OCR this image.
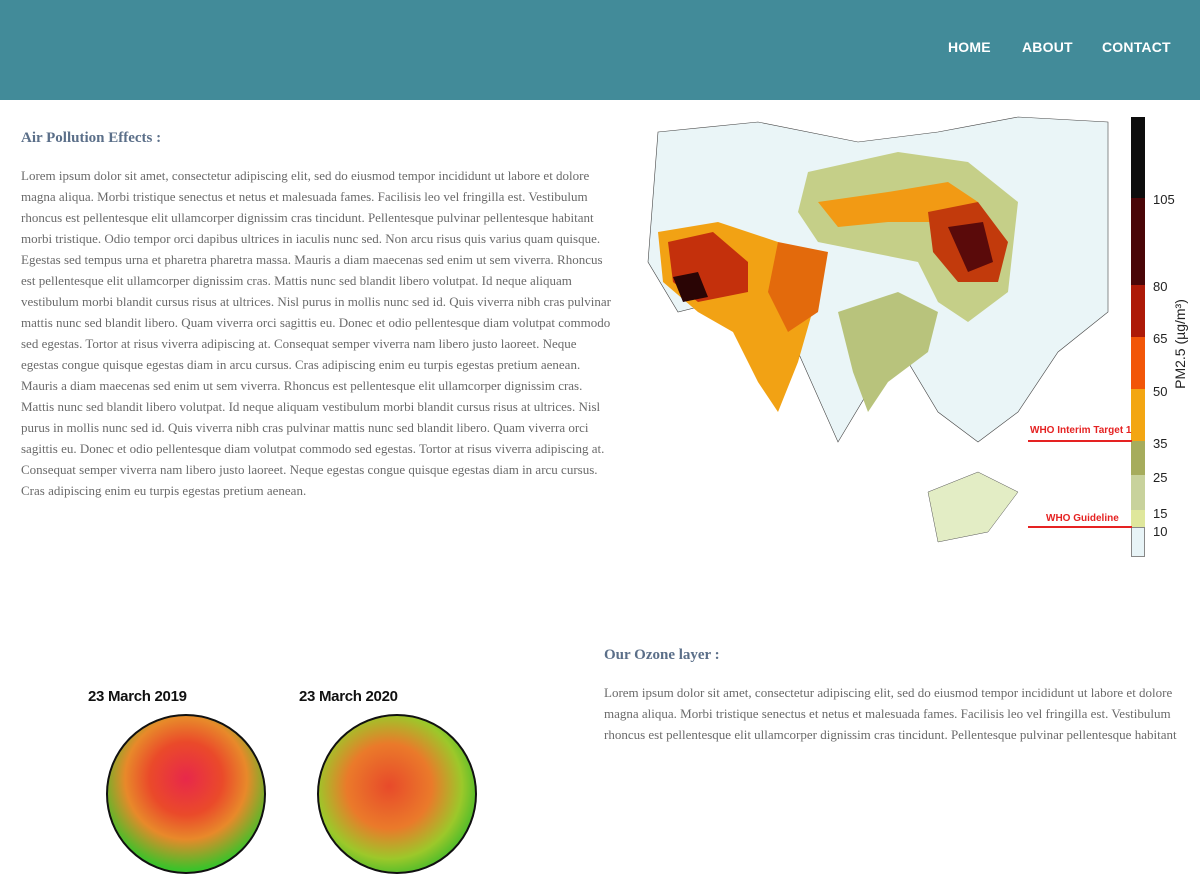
HOME ABOUT CONTACT
Air Pollution Effects :

Lorem ipsum dolor sit amet, consectetur adipiscing elit, sed do eiusmod tempor incididunt ut labore et dolore magna aliqua. Morbi tristique senectus et netus et malesuada fames. Facilisis leo vel fringilla est. Vestibulum rhoncus est pellentesque elit ullamcorper dignissim cras tincidunt. Pellentesque pulvinar pellentesque habitant morbi tristique. Odio tempor orci dapibus ultrices in iaculis nunc sed. Non arcu risus quis varius quam quisque. Egestas sed tempus urna et pharetra pharetra massa. Mauris a diam maecenas sed enim ut sem viverra. Rhoncus est pellentesque elit ullamcorper dignissim cras. Mattis nunc sed blandit libero volutpat. Id neque aliquam vestibulum morbi blandit cursus risus at ultrices. Nisl purus in mollis nunc sed id. Quis viverra nibh cras pulvinar mattis nunc sed blandit libero. Quam viverra orci sagittis eu. Donec et odio pellentesque diam volutpat commodo sed egestas. Tortor at risus viverra adipiscing at. Consequat semper viverra nam libero justo laoreet. Neque egestas congue quisque egestas diam in arcu cursus. Cras adipiscing enim eu turpis egestas pretium aenean. Mauris a diam maecenas sed enim ut sem viverra. Rhoncus est pellentesque elit ullamcorper dignissim cras. Mattis nunc sed blandit libero volutpat. Id neque aliquam vestibulum morbi blandit cursus risus at ultrices. Nisl purus in mollis nunc sed id. Quis viverra nibh cras pulvinar mattis nunc sed blandit libero. Quam viverra orci sagittis eu. Donec et odio pellentesque diam volutpat commodo sed egestas. Tortor at risus viverra adipiscing at. Consequat semper viverra nam libero justo laoreet. Neque egestas congue quisque egestas diam in arcu cursus. Cras adipiscing enim eu turpis egestas pretium aenean.

105
80
65
50
35
25
15
10
PM2.5 (µg/m³)
WHO Interim Target 1
WHO Guideline
23 March 2019	23 March 2020
Our Ozone layer :

Lorem ipsum dolor sit amet, consectetur adipiscing elit, sed do eiusmod tempor incididunt ut labore et dolore magna aliqua. Morbi tristique senectus et netus et malesuada fames. Facilisis leo vel fringilla est. Vestibulum rhoncus est pellentesque elit ullamcorper dignissim cras tincidunt. Pellentesque pulvinar pellentesque habitant
